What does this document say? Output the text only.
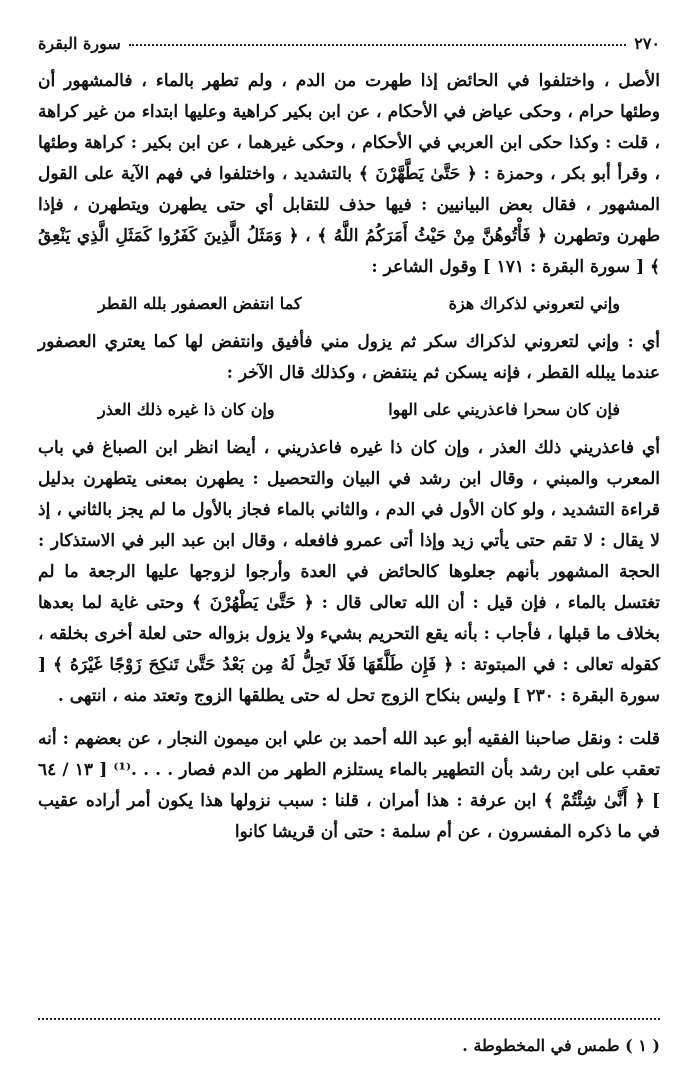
٢٧٠
سورة البقرة

الأصل ، واختلفوا في الحائض إذا طهرت من الدم ، ولم تطهر بالماء ، فالمشهور أن وطئها حرام ، وحكى عياض في الأحكام ، عن ابن بكير كراهية وعليها ابتداء من غير كراهة ، قلت : وكذا حكى ابن العربي في الأحكام ، وحكى غيرهما ، عن ابن بكير : كراهة وطئها ، وقرأ أبو بكر ، وحمزة : ﴿ حَتَّىٰ يَطَّهَّرْنَ ﴾ بالتشديد ، واختلفوا في فهم الآية على القول المشهور ، فقال بعض البيانيين : فيها حذف للتقابل أي حتى يطهرن ويتطهرن ، فإذا طهرن وتطهرن ﴿ فَأْتُوهُنَّ مِنْ حَيْثُ أَمَرَكُمُ اللَّهُ ﴾ ، ﴿ وَمَثَلُ الَّذِينَ كَفَرُوا كَمَثَلِ الَّذِي يَنْعِقُ ﴾ [ سورة البقرة : ١٧١ ] وقول الشاعر :

وإني لتعروني لذكراك هزة
كما انتفض العصفور بلله القطر

أي : وإني لتعروني لذكراك سكر ثم يزول مني فأفيق وانتفض لها كما يعتري العصفور عندما يبلله القطر ، فإنه يسكن ثم ينتفض ، وكذلك قال الآخر :

فإن كان سحرا فاعذريني على الهوا
وإن كان ذا غيره ذلك العذر

أي فاعذريني ذلك العذر ، وإن كان ذا غيره فاعذريني ، أيضا انظر ابن الصباغ في باب المعرب والمبني ، وقال ابن رشد في البيان والتحصيل : يطهرن بمعنى يتطهرن بدليل قراءة التشديد ، ولو كان الأول في الدم ، والثاني بالماء فجاز بالأول ما لم يجز بالثاني ، إذ لا يقال : لا تقم حتى يأتي زيد وإذا أتى عمرو فافعله ، وقال ابن عبد البر في الاستذكار : الحجة المشهور بأنهم جعلوها كالحائض في العدة وأرجوا لزوجها عليها الرجعة ما لم تغتسل بالماء ، فإن قيل : أن الله تعالى قال : ﴿ حَتَّىٰ يَطْهُرْنَ ﴾ وحتى غاية لما بعدها بخلاف ما قبلها ، فأجاب : بأنه يقع التحريم بشيء ولا يزول بزواله حتى لعلة أخرى بخلقه ، كقوله تعالى : في المبتوتة : ﴿ فَإِن طَلَّقَهَا فَلَا تَحِلُّ لَهُ مِن بَعْدُ حَتَّىٰ تَنكِحَ زَوْجًا غَيْرَهُ ﴾ [ سورة البقرة : ٢٣٠ ] وليس بنكاح الزوج تحل له حتى يطلقها الزوج وتعتد منه ، انتهى .

قلت : ونقل صاحبنا الفقيه أبو عبد الله أحمد بن علي ابن ميمون النجار ، عن بعضهم : أنه تعقب على ابن رشد بأن التطهير بالماء يستلزم الطهر من الدم فصار . . . .⁽¹⁾ [ ١٣ / ٦٤ ] ﴿ أَنَّىٰ شِئْتُمْ ﴾ ابن عرفة : هذا أمران ، قلنا : سبب نزولها هذا يكون أمر أراده عقيب في ما ذكره المفسرون ، عن أم سلمة : حتى أن قريشا كانوا

( ١ ) طمس في المخطوطة .
